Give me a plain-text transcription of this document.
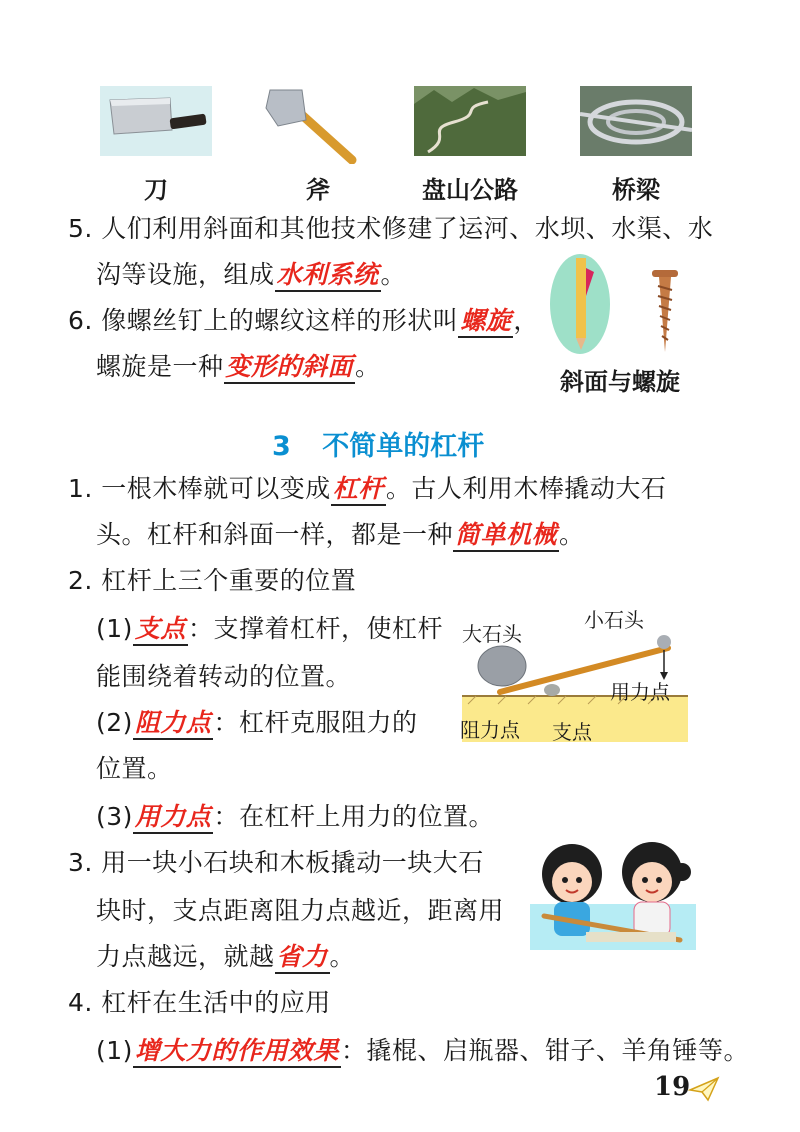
刀	斧	盘山公路	桥梁
5. 人们利用斜面和其他技术修建了运河、水坝、水渠、水
沟等设施，组成水利系统。
斜面与螺旋
6. 像螺丝钉上的螺纹这样的形状叫螺旋，
螺旋是一种变形的斜面。
3 不简单的杠杆
1. 一根木棒就可以变成杠杆。古人利用木棒撬动大石
头。杠杆和斜面一样，都是一种简单机械。
2. 杠杆上三个重要的位置
(1)支点：支撑着杠杆，使杠杆
能围绕着转动的位置。
(2)阻力点：杠杆克服阻力的
位置。
(3)用力点：在杠杆上用力的位置。
大石头
小石头
用力点
阻力点 支点
3. 用一块小石块和木板撬动一块大石
块时，支点距离阻力点越近，距离用
力点越远，就越省力。
4. 杠杆在生活中的应用
(1)增大力的作用效果：撬棍、启瓶器、钳子、羊角锤等。
19
